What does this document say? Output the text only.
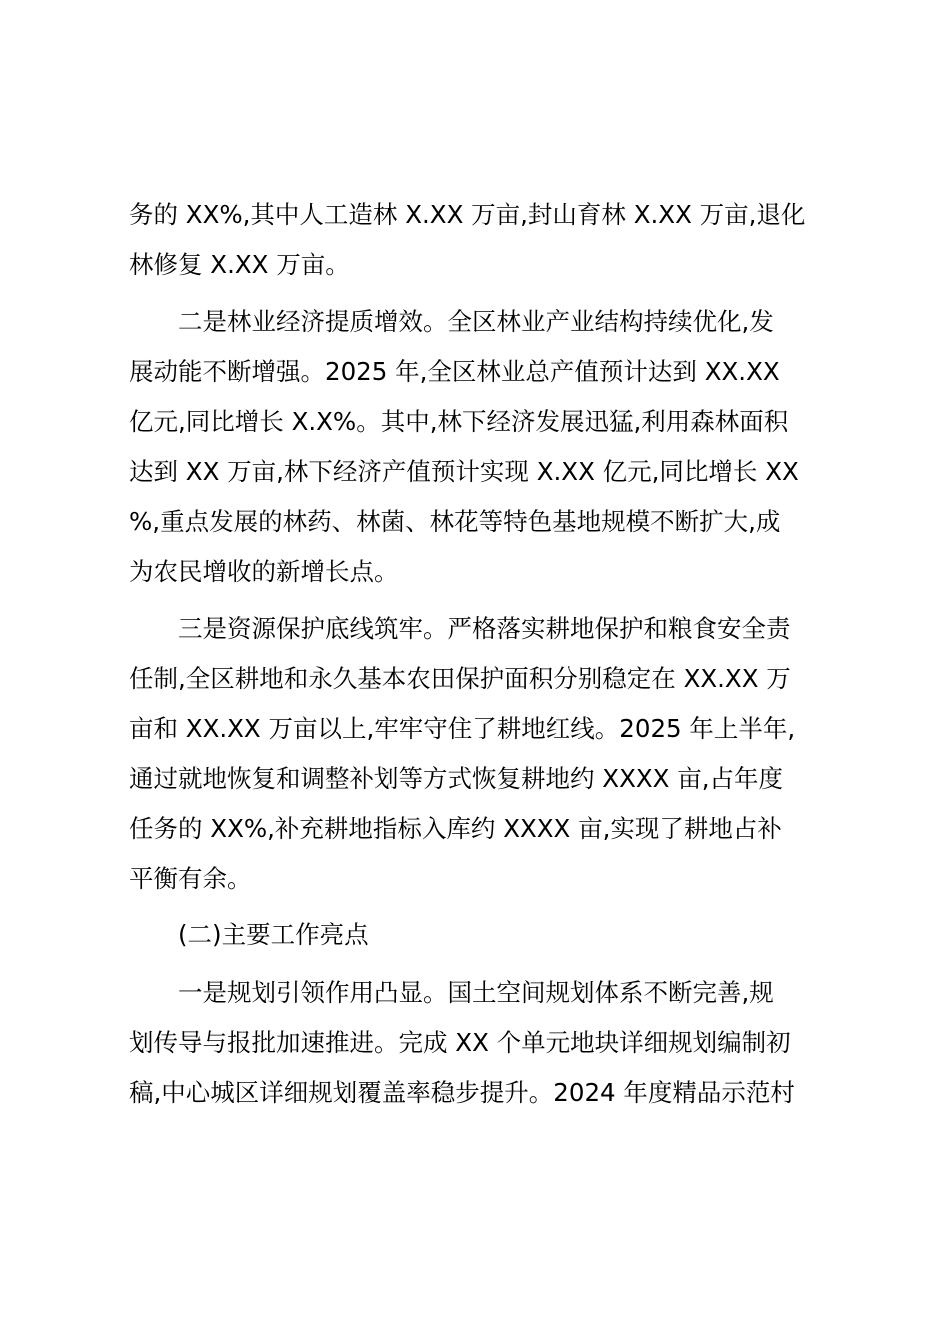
务的 XX%,其中人工造林 X.XX 万亩,封山育林 X.XX 万亩,退化
林修复 X.XX 万亩。
二是林业经济提质增效。全区林业产业结构持续优化,发
展动能不断增强。2025 年,全区林业总产值预计达到 XX.XX
亿元,同比增长 X.X%。其中,林下经济发展迅猛,利用森林面积
达到 XX 万亩,林下经济产值预计实现 X.XX 亿元,同比增长 XX
%,重点发展的林药、林菌、林花等特色基地规模不断扩大,成
为农民增收的新增长点。
三是资源保护底线筑牢。严格落实耕地保护和粮食安全责
任制,全区耕地和永久基本农田保护面积分别稳定在 XX.XX 万
亩和 XX.XX 万亩以上,牢牢守住了耕地红线。2025 年上半年,
通过就地恢复和调整补划等方式恢复耕地约 XXXX 亩,占年度
任务的 XX%,补充耕地指标入库约 XXXX 亩,实现了耕地占补
平衡有余。
(二)主要工作亮点
一是规划引领作用凸显。国土空间规划体系不断完善,规
划传导与报批加速推进。完成 XX 个单元地块详细规划编制初
稿,中心城区详细规划覆盖率稳步提升。2024 年度精品示范村
